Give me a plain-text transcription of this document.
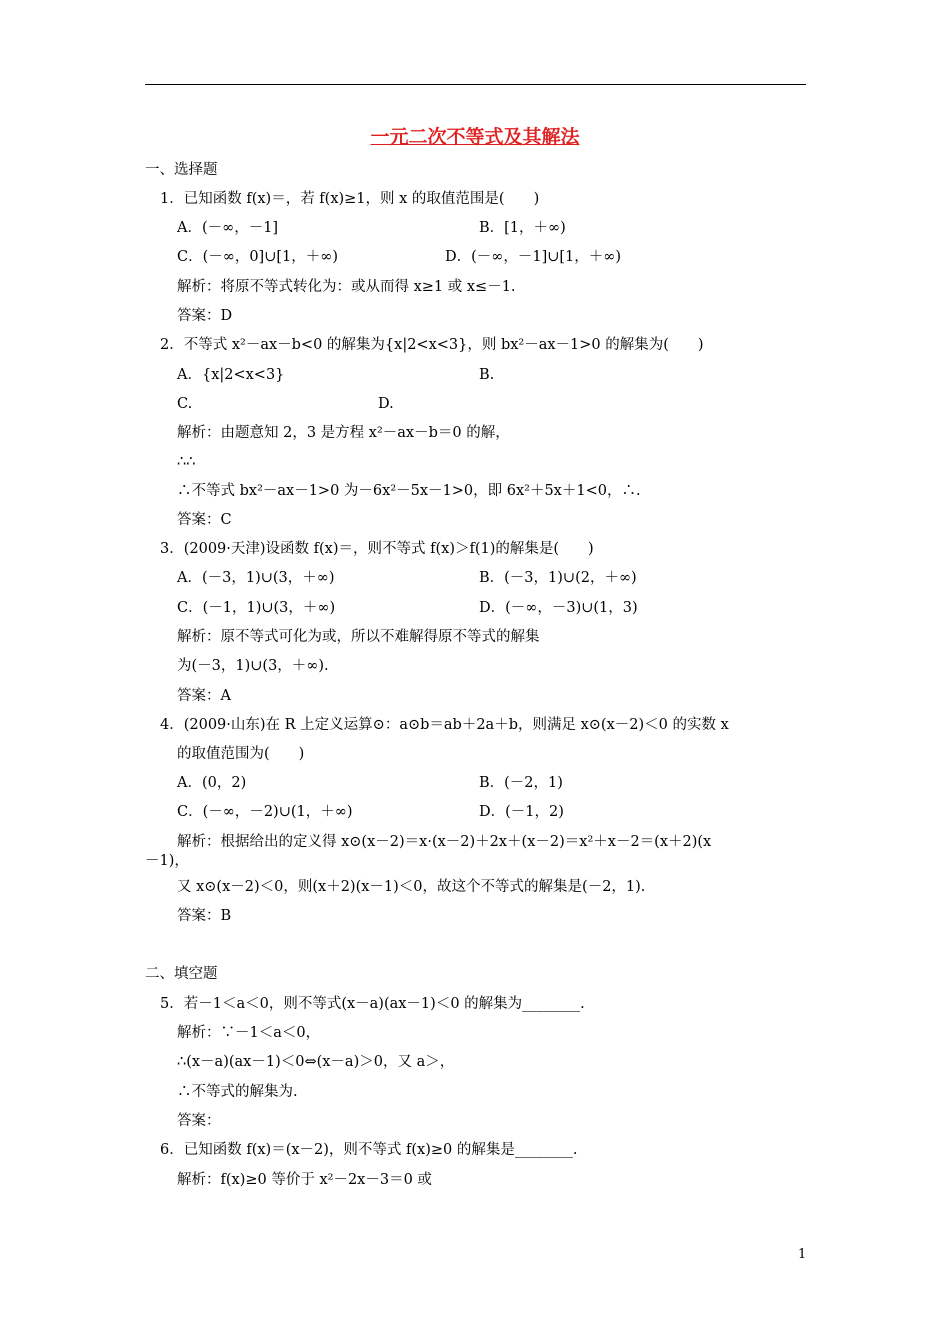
一元二次不等式及其解法
一、选择题
1．已知函数 f(x)＝，若 f(x)≥1，则 x 的取值范围是(　　)
A．(－∞，－1]	B．[1，＋∞)
C．(－∞，0]∪[1，＋∞)	D．(－∞，－1]∪[1，＋∞)
解析：将原不等式转化为：或从而得 x≥1 或 x≤－1.
答案：D
2．不等式 x²－ax－b<0 的解集为{x|2<x<3}，则 bx²－ax－1>0 的解集为(　　)
A．{x|2<x<3}	B.
C.	D.
解析：由题意知 2，3 是方程 x²－ax－b＝0 的解，
∴∴
∴不等式 bx²－ax－1>0 为－6x²－5x－1>0，即 6x²＋5x＋1<0，∴.
答案：C
3．(2009·天津)设函数 f(x)＝，则不等式 f(x)＞f(1)的解集是(　　)
A．(－3，1)∪(3，＋∞)	B．(－3，1)∪(2，＋∞)
C．(－1，1)∪(3，＋∞)	D．(－∞，－3)∪(1，3)
解析：原不等式可化为或，所以不难解得原不等式的解集
为(－3，1)∪(3，＋∞).
答案：A
4．(2009·山东)在 R 上定义运算⊙：a⊙b＝ab＋2a＋b，则满足 x⊙(x－2)＜0 的实数 x
的取值范围为(　　)
A．(0，2)	B．(－2，1)
C．(－∞，－2)∪(1，＋∞)	D．(－1，2)
解析：根据给出的定义得 x⊙(x－2)＝x·(x－2)＋2x＋(x－2)＝x²＋x－2＝(x＋2)(x
－1)，
又 x⊙(x－2)＜0，则(x＋2)(x－1)＜0，故这个不等式的解集是(－2，1).
答案：B
二、填空题
5．若－1＜a＜0，则不等式(x－a)(ax－1)＜0 的解集为________.
解析：∵－1＜a＜0，
∴(x－a)(ax－1)＜0⇔(x－a)＞0，又 a＞，
∴不等式的解集为.
答案：
6．已知函数 f(x)＝(x－2)，则不等式 f(x)≥0 的解集是________.
解析：f(x)≥0 等价于 x²－2x－3＝0 或
1
